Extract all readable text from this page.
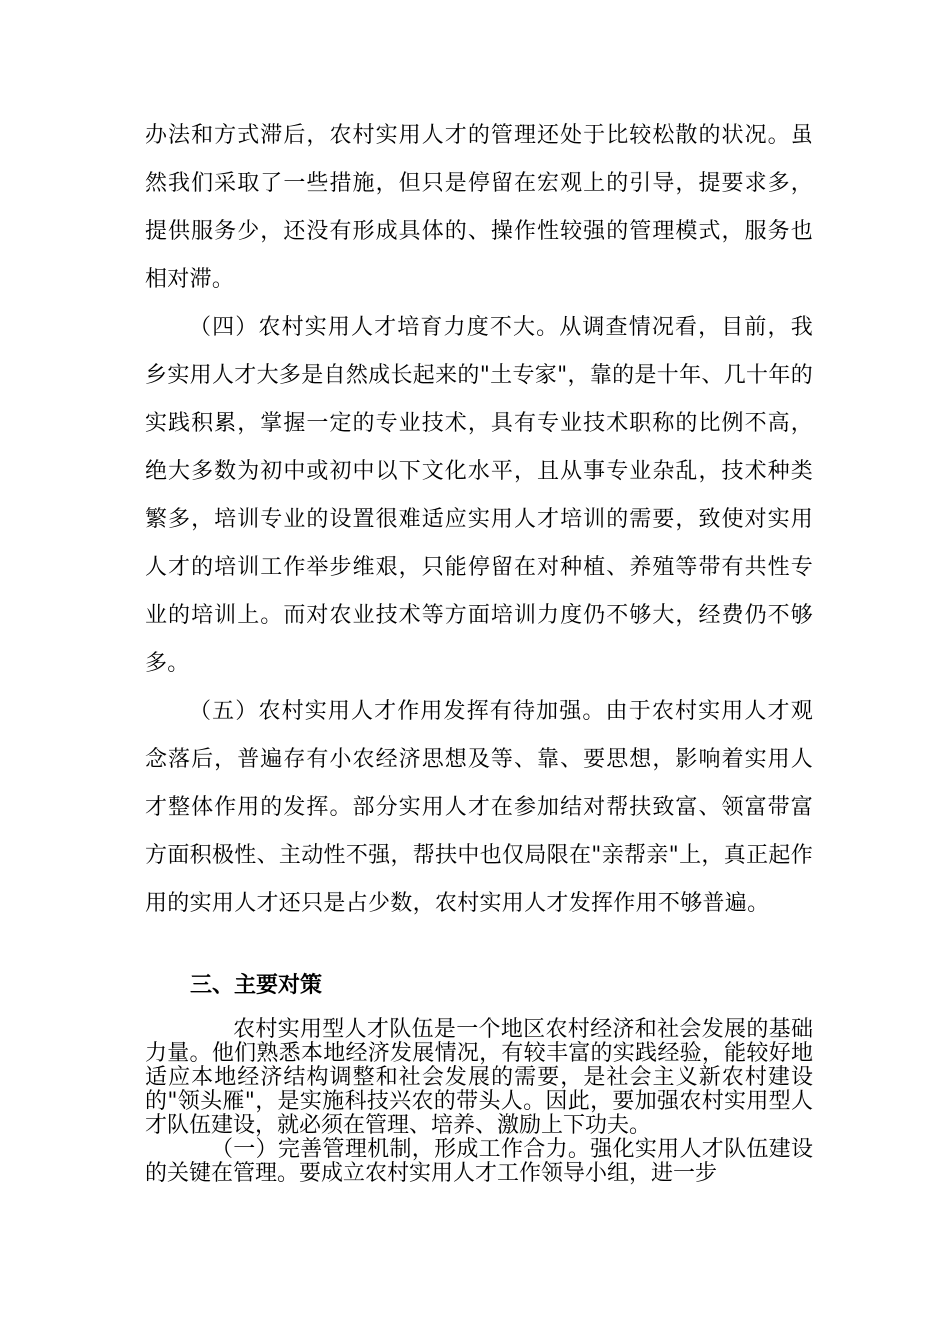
办法和方式滞后，农村实用人才的管理还处于比较松散的状况。虽然我们采取了一些措施，但只是停留在宏观上的引导，提要求多，提供服务少，还没有形成具体的、操作性较强的管理模式，服务也相对滞。

（四）农村实用人才培育力度不大。从调查情况看，目前，我乡实用人才大多是自然成长起来的"土专家"，靠的是十年、几十年的实践积累，掌握一定的专业技术，具有专业技术职称的比例不高，绝大多数为初中或初中以下文化水平，且从事专业杂乱，技术种类繁多，培训专业的设置很难适应实用人才培训的需要，致使对实用人才的培训工作举步维艰，只能停留在对种植、养殖等带有共性专业的培训上。而对农业技术等方面培训力度仍不够大，经费仍不够多。

（五）农村实用人才作用发挥有待加强。由于农村实用人才观念落后，普遍存有小农经济思想及等、靠、要思想，影响着实用人才整体作用的发挥。部分实用人才在参加结对帮扶致富、领富带富方面积极性、主动性不强，帮扶中也仅局限在"亲帮亲"上，真正起作用的实用人才还只是占少数，农村实用人才发挥作用不够普遍。

三、主要对策

农村实用型人才队伍是一个地区农村经济和社会发展的基础力量。他们熟悉本地经济发展情况，有较丰富的实践经验，能较好地适应本地经济结构调整和社会发展的需要，是社会主义新农村建设的"领头雁"，是实施科技兴农的带头人。因此，要加强农村实用型人才队伍建设，就必须在管理、培养、激励上下功夫。

（一）完善管理机制，形成工作合力。强化实用人才队伍建设的关键在管理。要成立农村实用人才工作领导小组，进一步
